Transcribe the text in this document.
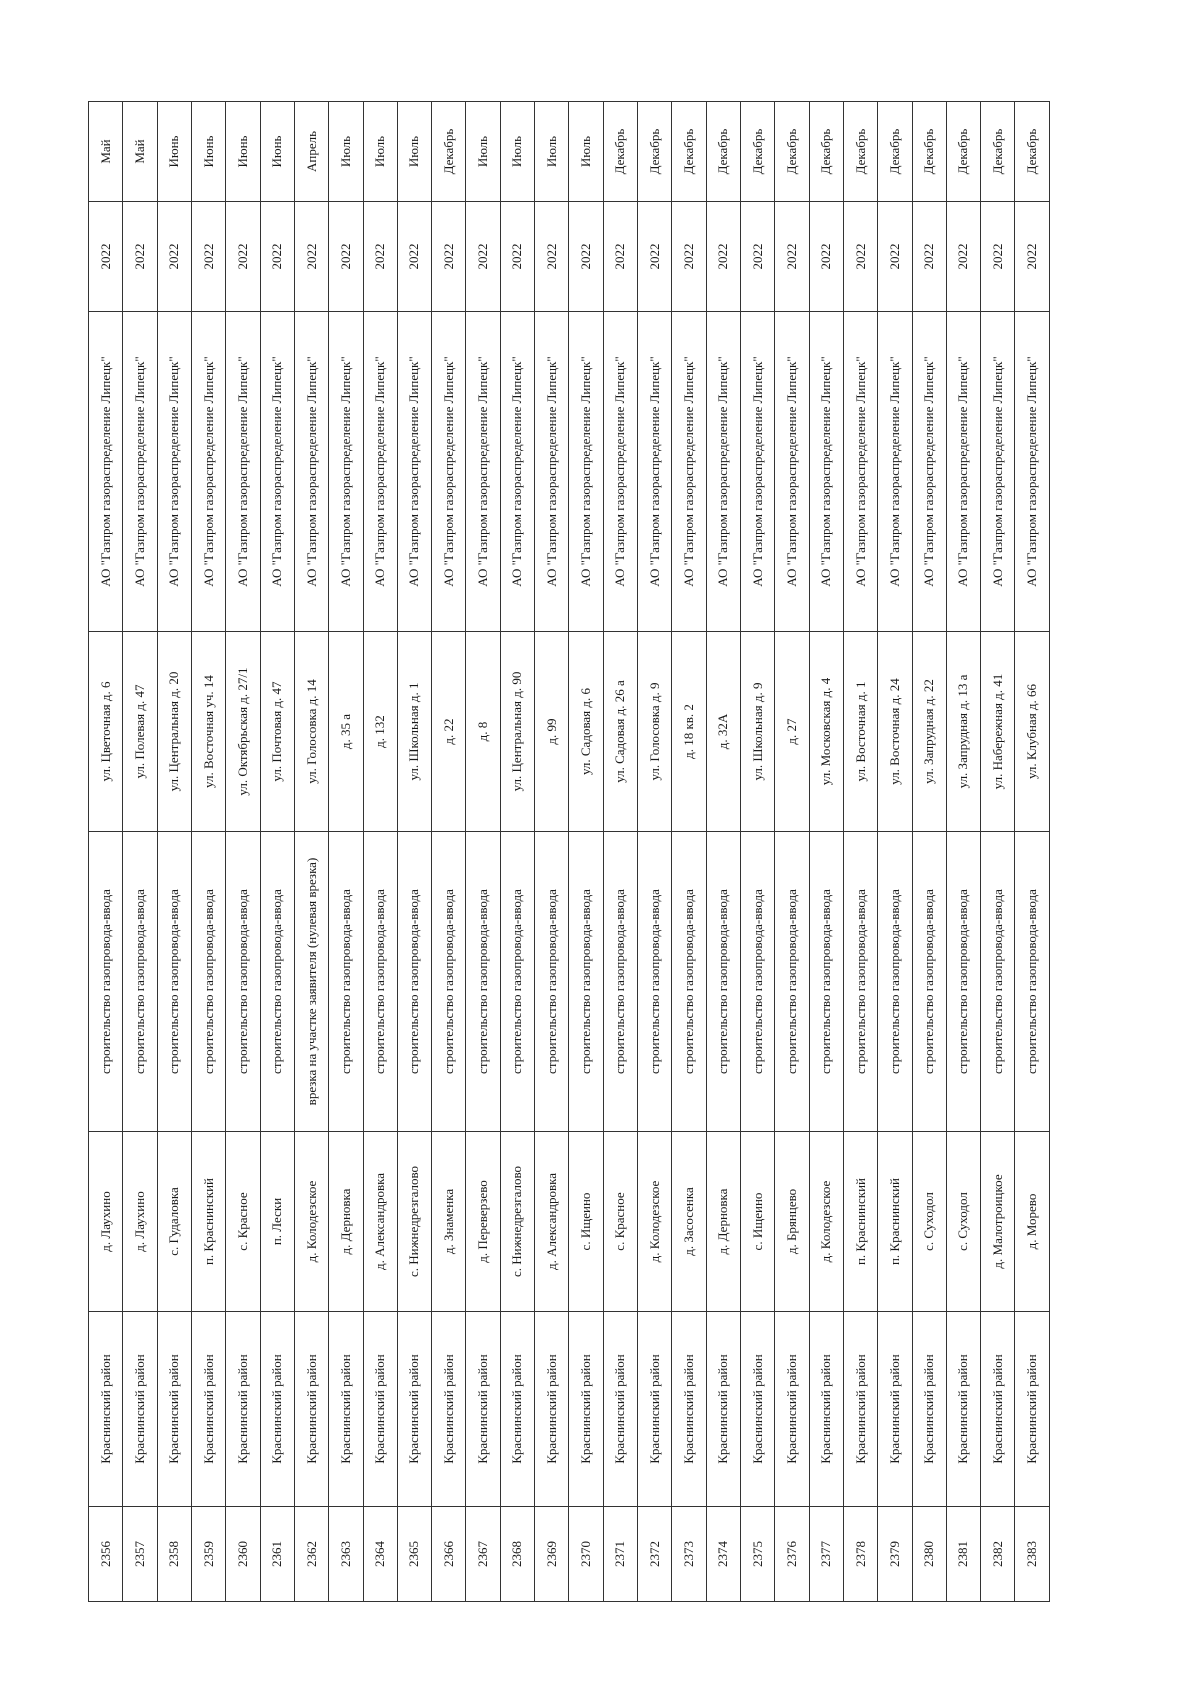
2356	Краснинский район	д. Лаухино	строительство газопровода-ввода	ул. Цветочная д. 6	АО "Газпром газораспределение Липецк"	2022	Май
2357	Краснинский район	д. Лаухино	строительство газопровода-ввода	ул. Полевая д. 47	АО "Газпром газораспределение Липецк"	2022	Май
2358	Краснинский район	с. Гудаловка	строительство газопровода-ввода	ул. Центральная д. 20	АО "Газпром газораспределение Липецк"	2022	Июнь
2359	Краснинский район	п. Краснинский	строительство газопровода-ввода	ул. Восточная уч. 14	АО "Газпром газораспределение Липецк"	2022	Июнь
2360	Краснинский район	с. Красное	строительство газопровода-ввода	ул. Октябрьская д. 27/1	АО "Газпром газораспределение Липецк"	2022	Июнь
2361	Краснинский район	п. Лески	строительство газопровода-ввода	ул. Почтовая д. 47	АО "Газпром газораспределение Липецк"	2022	Июнь
2362	Краснинский район	д. Колодезское	врезка на участке заявителя (нулевая врезка)	ул. Голосовка д. 14	АО "Газпром газораспределение Липецк"	2022	Апрель
2363	Краснинский район	д. Дерновка	строительство газопровода-ввода	д. 35 а	АО "Газпром газораспределение Липецк"	2022	Июль
2364	Краснинский район	д. Александровка	строительство газопровода-ввода	д. 132	АО "Газпром газораспределение Липецк"	2022	Июль
2365	Краснинский район	с. Нижнедрезгалово	строительство газопровода-ввода	ул. Школьная д. 1	АО "Газпром газораспределение Липецк"	2022	Июль
2366	Краснинский район	д. Знаменка	строительство газопровода-ввода	д. 22	АО "Газпром газораспределение Липецк"	2022	Декабрь
2367	Краснинский район	д. Переверзево	строительство газопровода-ввода	д. 8	АО "Газпром газораспределение Липецк"	2022	Июль
2368	Краснинский район	с. Нижнедрезгалово	строительство газопровода-ввода	ул. Центральная д. 90	АО "Газпром газораспределение Липецк"	2022	Июль
2369	Краснинский район	д. Александровка	строительство газопровода-ввода	д. 99	АО "Газпром газораспределение Липецк"	2022	Июль
2370	Краснинский район	с. Ищеино	строительство газопровода-ввода	ул. Садовая д. 6	АО "Газпром газораспределение Липецк"	2022	Июль
2371	Краснинский район	с. Красное	строительство газопровода-ввода	ул. Садовая д. 26 а	АО "Газпром газораспределение Липецк"	2022	Декабрь
2372	Краснинский район	д. Колодезское	строительство газопровода-ввода	ул. Голосовка д. 9	АО "Газпром газораспределение Липецк"	2022	Декабрь
2373	Краснинский район	д. Засосенка	строительство газопровода-ввода	д. 18 кв. 2	АО "Газпром газораспределение Липецк"	2022	Декабрь
2374	Краснинский район	д. Дерновка	строительство газопровода-ввода	д. 32А	АО "Газпром газораспределение Липецк"	2022	Декабрь
2375	Краснинский район	с. Ищеино	строительство газопровода-ввода	ул. Школьная д. 9	АО "Газпром газораспределение Липецк"	2022	Декабрь
2376	Краснинский район	д. Брянцево	строительство газопровода-ввода	д. 27	АО "Газпром газораспределение Липецк"	2022	Декабрь
2377	Краснинский район	д. Колодезское	строительство газопровода-ввода	ул. Московская д. 4	АО "Газпром газораспределение Липецк"	2022	Декабрь
2378	Краснинский район	п. Краснинский	строительство газопровода-ввода	ул. Восточная д. 1	АО "Газпром газораспределение Липецк"	2022	Декабрь
2379	Краснинский район	п. Краснинский	строительство газопровода-ввода	ул. Восточная д. 24	АО "Газпром газораспределение Липецк"	2022	Декабрь
2380	Краснинский район	с. Суходол	строительство газопровода-ввода	ул. Запрудная д. 22	АО "Газпром газораспределение Липецк"	2022	Декабрь
2381	Краснинский район	с. Суходол	строительство газопровода-ввода	ул. Запрудная д. 13 а	АО "Газпром газораспределение Липецк"	2022	Декабрь
2382	Краснинский район	д. Малотроицкое	строительство газопровода-ввода	ул. Набережная д. 41	АО "Газпром газораспределение Липецк"	2022	Декабрь
2383	Краснинский район	д. Морево	строительство газопровода-ввода	ул. Клубная д. 66	АО "Газпром газораспределение Липецк"	2022	Декабрь
